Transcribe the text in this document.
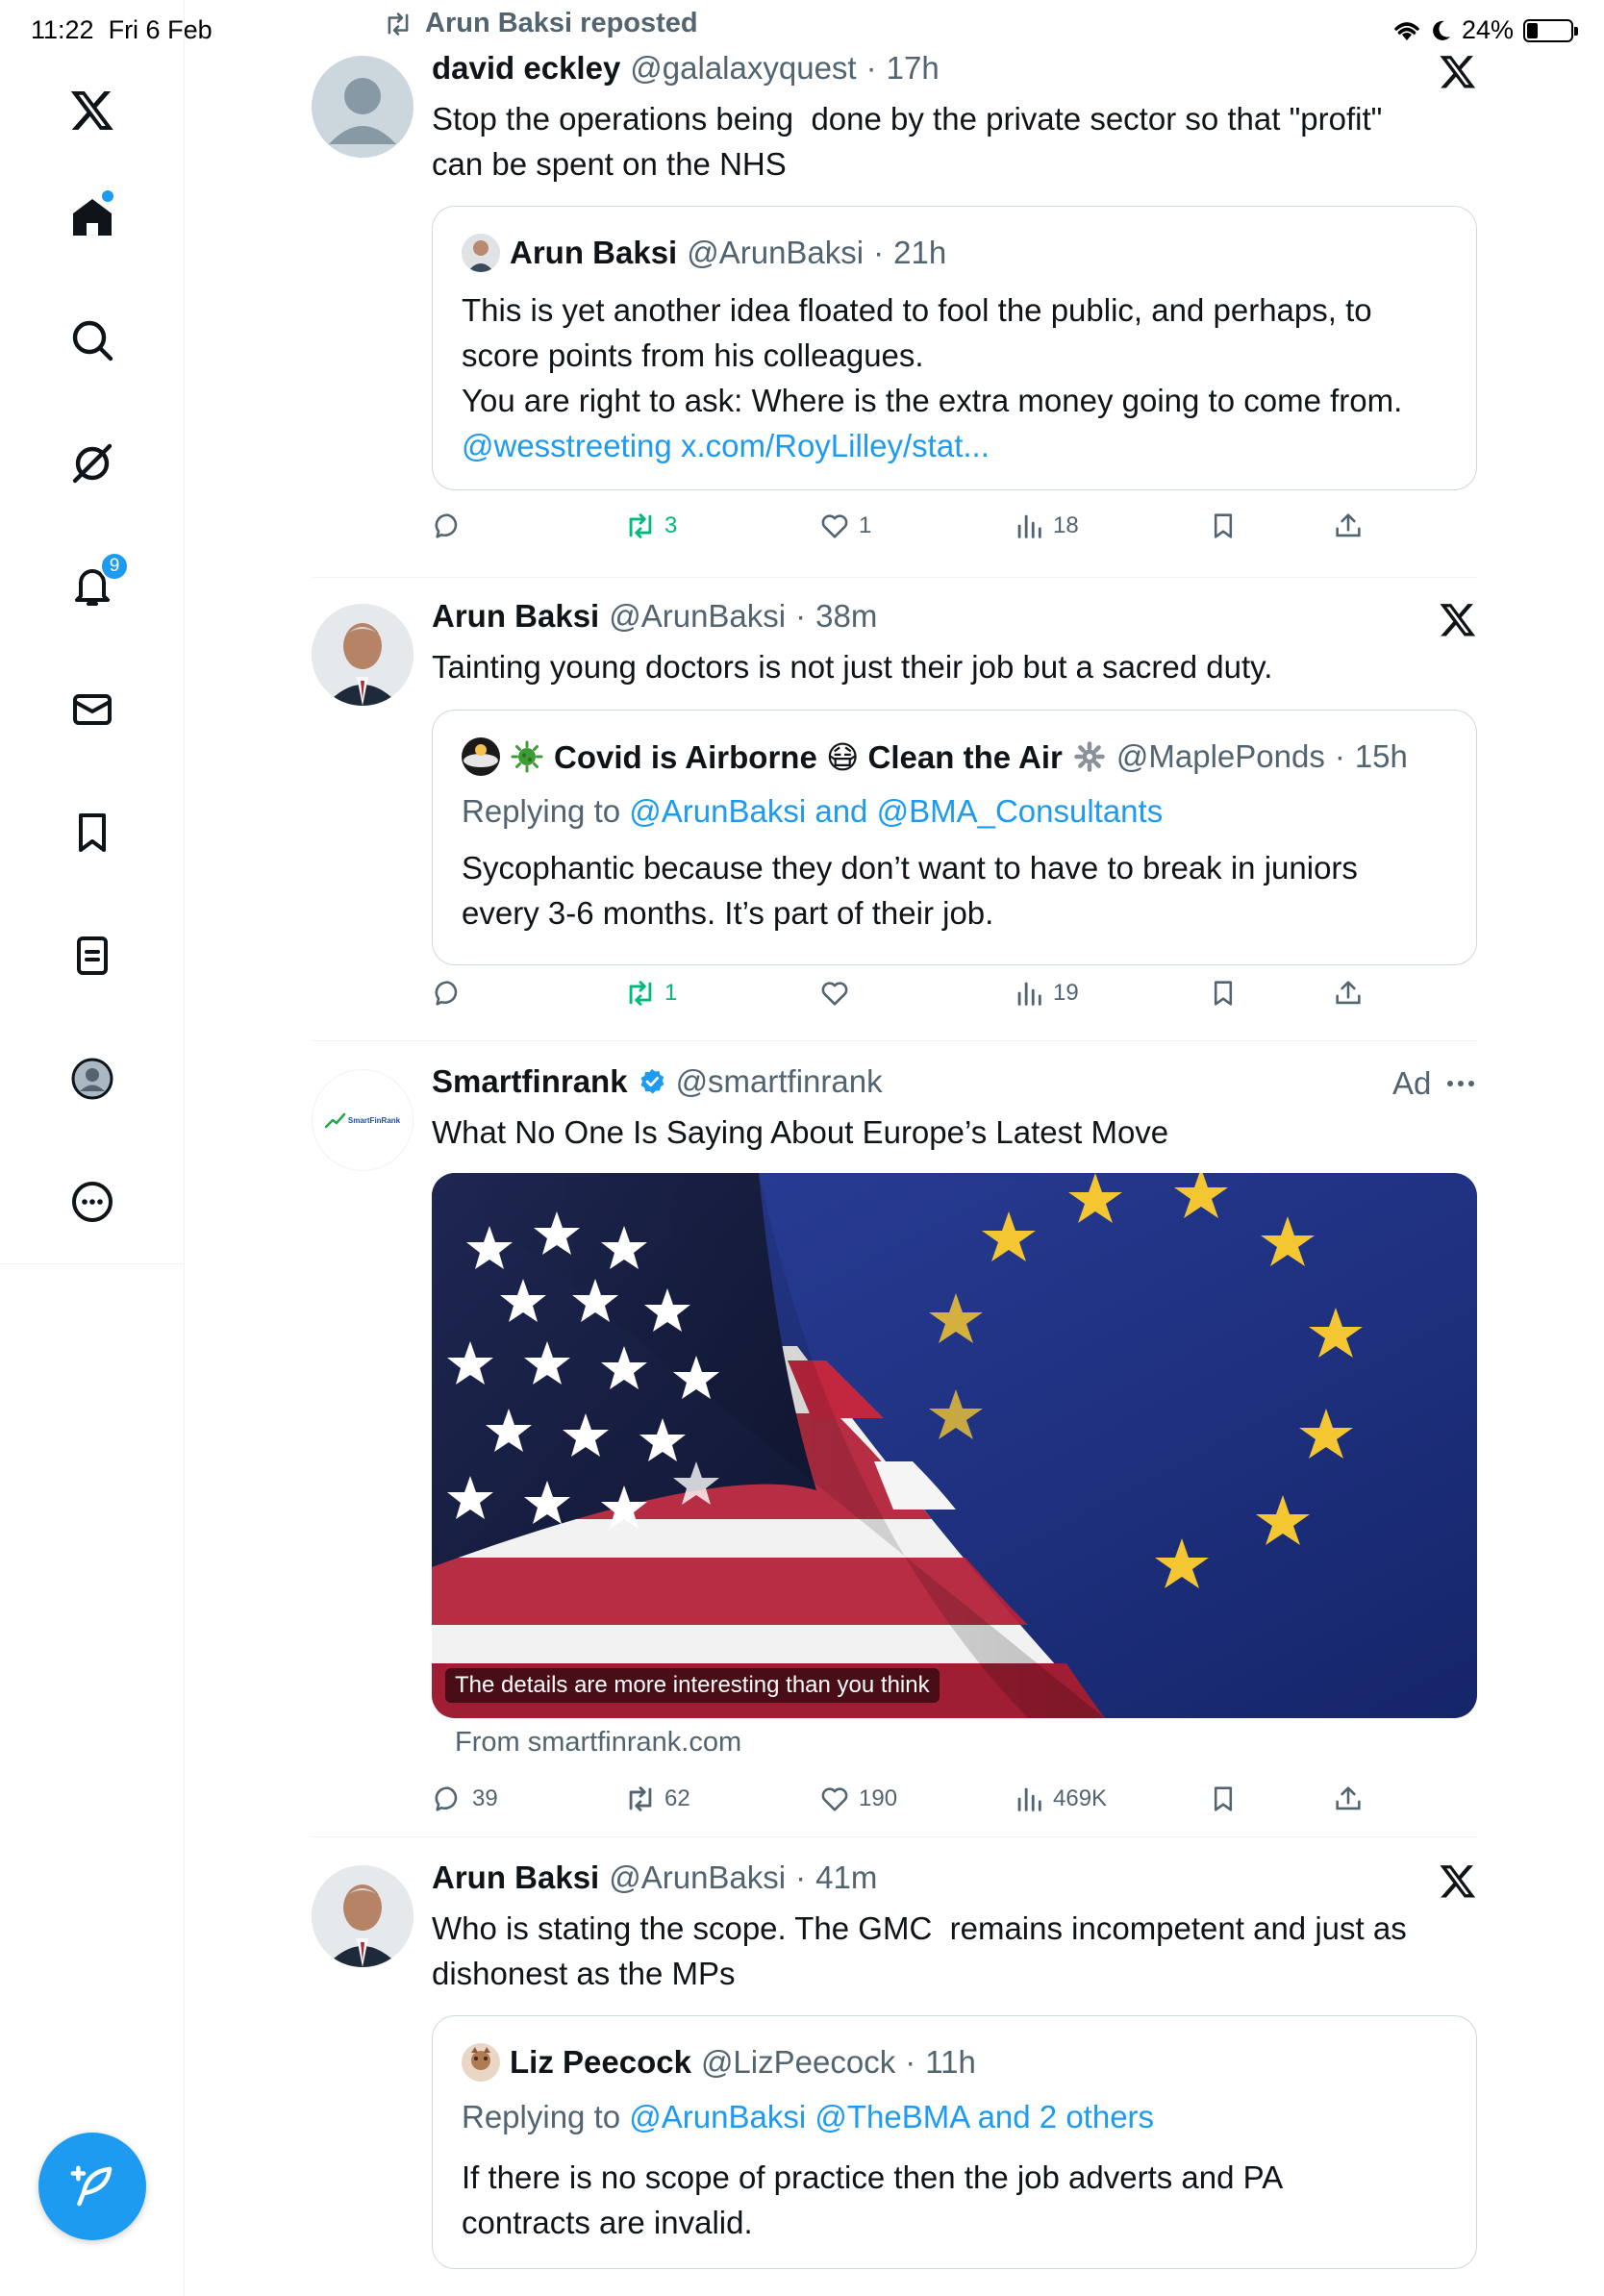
11:22 Fri 6 Feb	24%
9
Arun Baksi reposted
david eckley @galalaxyquest · 17h
Stop the operations being  done by the private sector so that "profit"
can be spent on the NHS
Arun Baksi @ArunBaksi · 21h
This is yet another idea floated to fool the public, and perhaps, to
score points from his colleagues.
You are right to ask: Where is the extra money going to come from.
@wesstreeting x.com/RoyLilley/stat...
3	1	18
Arun Baksi @ArunBaksi · 38m
Tainting young doctors is not just their job but a sacred duty.
Covid is Airborne 😷 Clean the Air @MaplePonds · 15h
Replying to @ArunBaksi and @BMA_Consultants
Sycophantic because they don’t want to have to break in juniors
every 3-6 months. It’s part of their job.
1	19
SmartFinRank
Smartfinrank @smartfinrank	Ad
What No One Is Saying About Europe’s Latest Move
The details are more interesting than you think
From smartfinrank.com
39	62	190	469K
Arun Baksi @ArunBaksi · 41m
Who is stating the scope. The GMC  remains incompetent and just as
dishonest as the MPs
Liz Peecock @LizPeecock · 11h
Replying to @ArunBaksi @TheBMA and 2 others
If there is no scope of practice then the job adverts and PA
contracts are invalid.
